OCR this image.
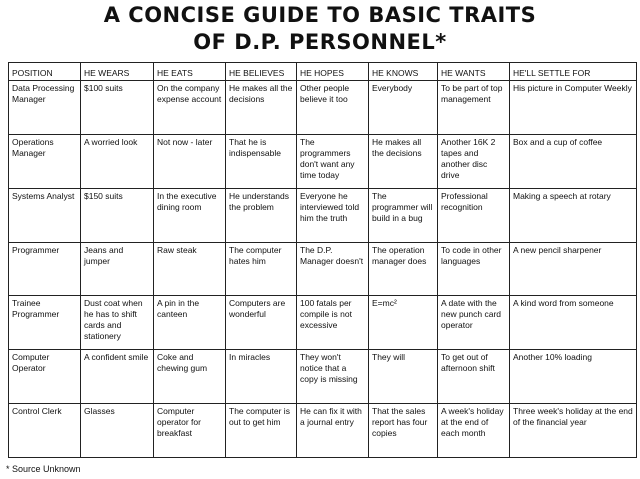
A CONCISE GUIDE TO BASIC TRAITS
OF D.P. PERSONNEL*
POSITION	HE WEARS	HE EATS	HE BELIEVES	HE HOPES	HE KNOWS	HE WANTS	HE'LL SETTLE FOR
Data Processing Manager	$100 suits	On the company expense account	He makes all the decisions	Other people believe it too	Everybody	To be part of top management	His picture in Computer Weekly
Operations Manager	A worried look	Not now - later	That he is indispensable	The programmers don't want any time today	He makes all the decisions	Another 16K 2 tapes and another disc drive	Box and a cup of coffee
Systems Analyst	$150 suits	In the executive dining room	He understands the problem	Everyone he interviewed told him the truth	The programmer will build in a bug	Professional recognition	Making a speech at rotary
Programmer	Jeans and jumper	Raw steak	The computer hates him	The D.P. Manager doesn't	The operation manager does	To code in other languages	A new pencil sharpener
Trainee Programmer	Dust coat when he has to shift cards and stationery	A pin in the canteen	Computers are wonderful	100 fatals per compile is not excessive	E=mc²	A date with the new punch card operator	A kind word from someone
Computer Operator	A confident smile	Coke and chewing gum	In miracles	They won't notice that a copy is missing	They will	To get out of afternoon shift	Another 10% loading
Control Clerk	Glasses	Computer operator for breakfast	The computer is out to get him	He can fix it with a journal entry	That the sales report has four copies	A week's holiday at the end of each month	Three week's holiday at the end of the financial year
* Source Unknown
